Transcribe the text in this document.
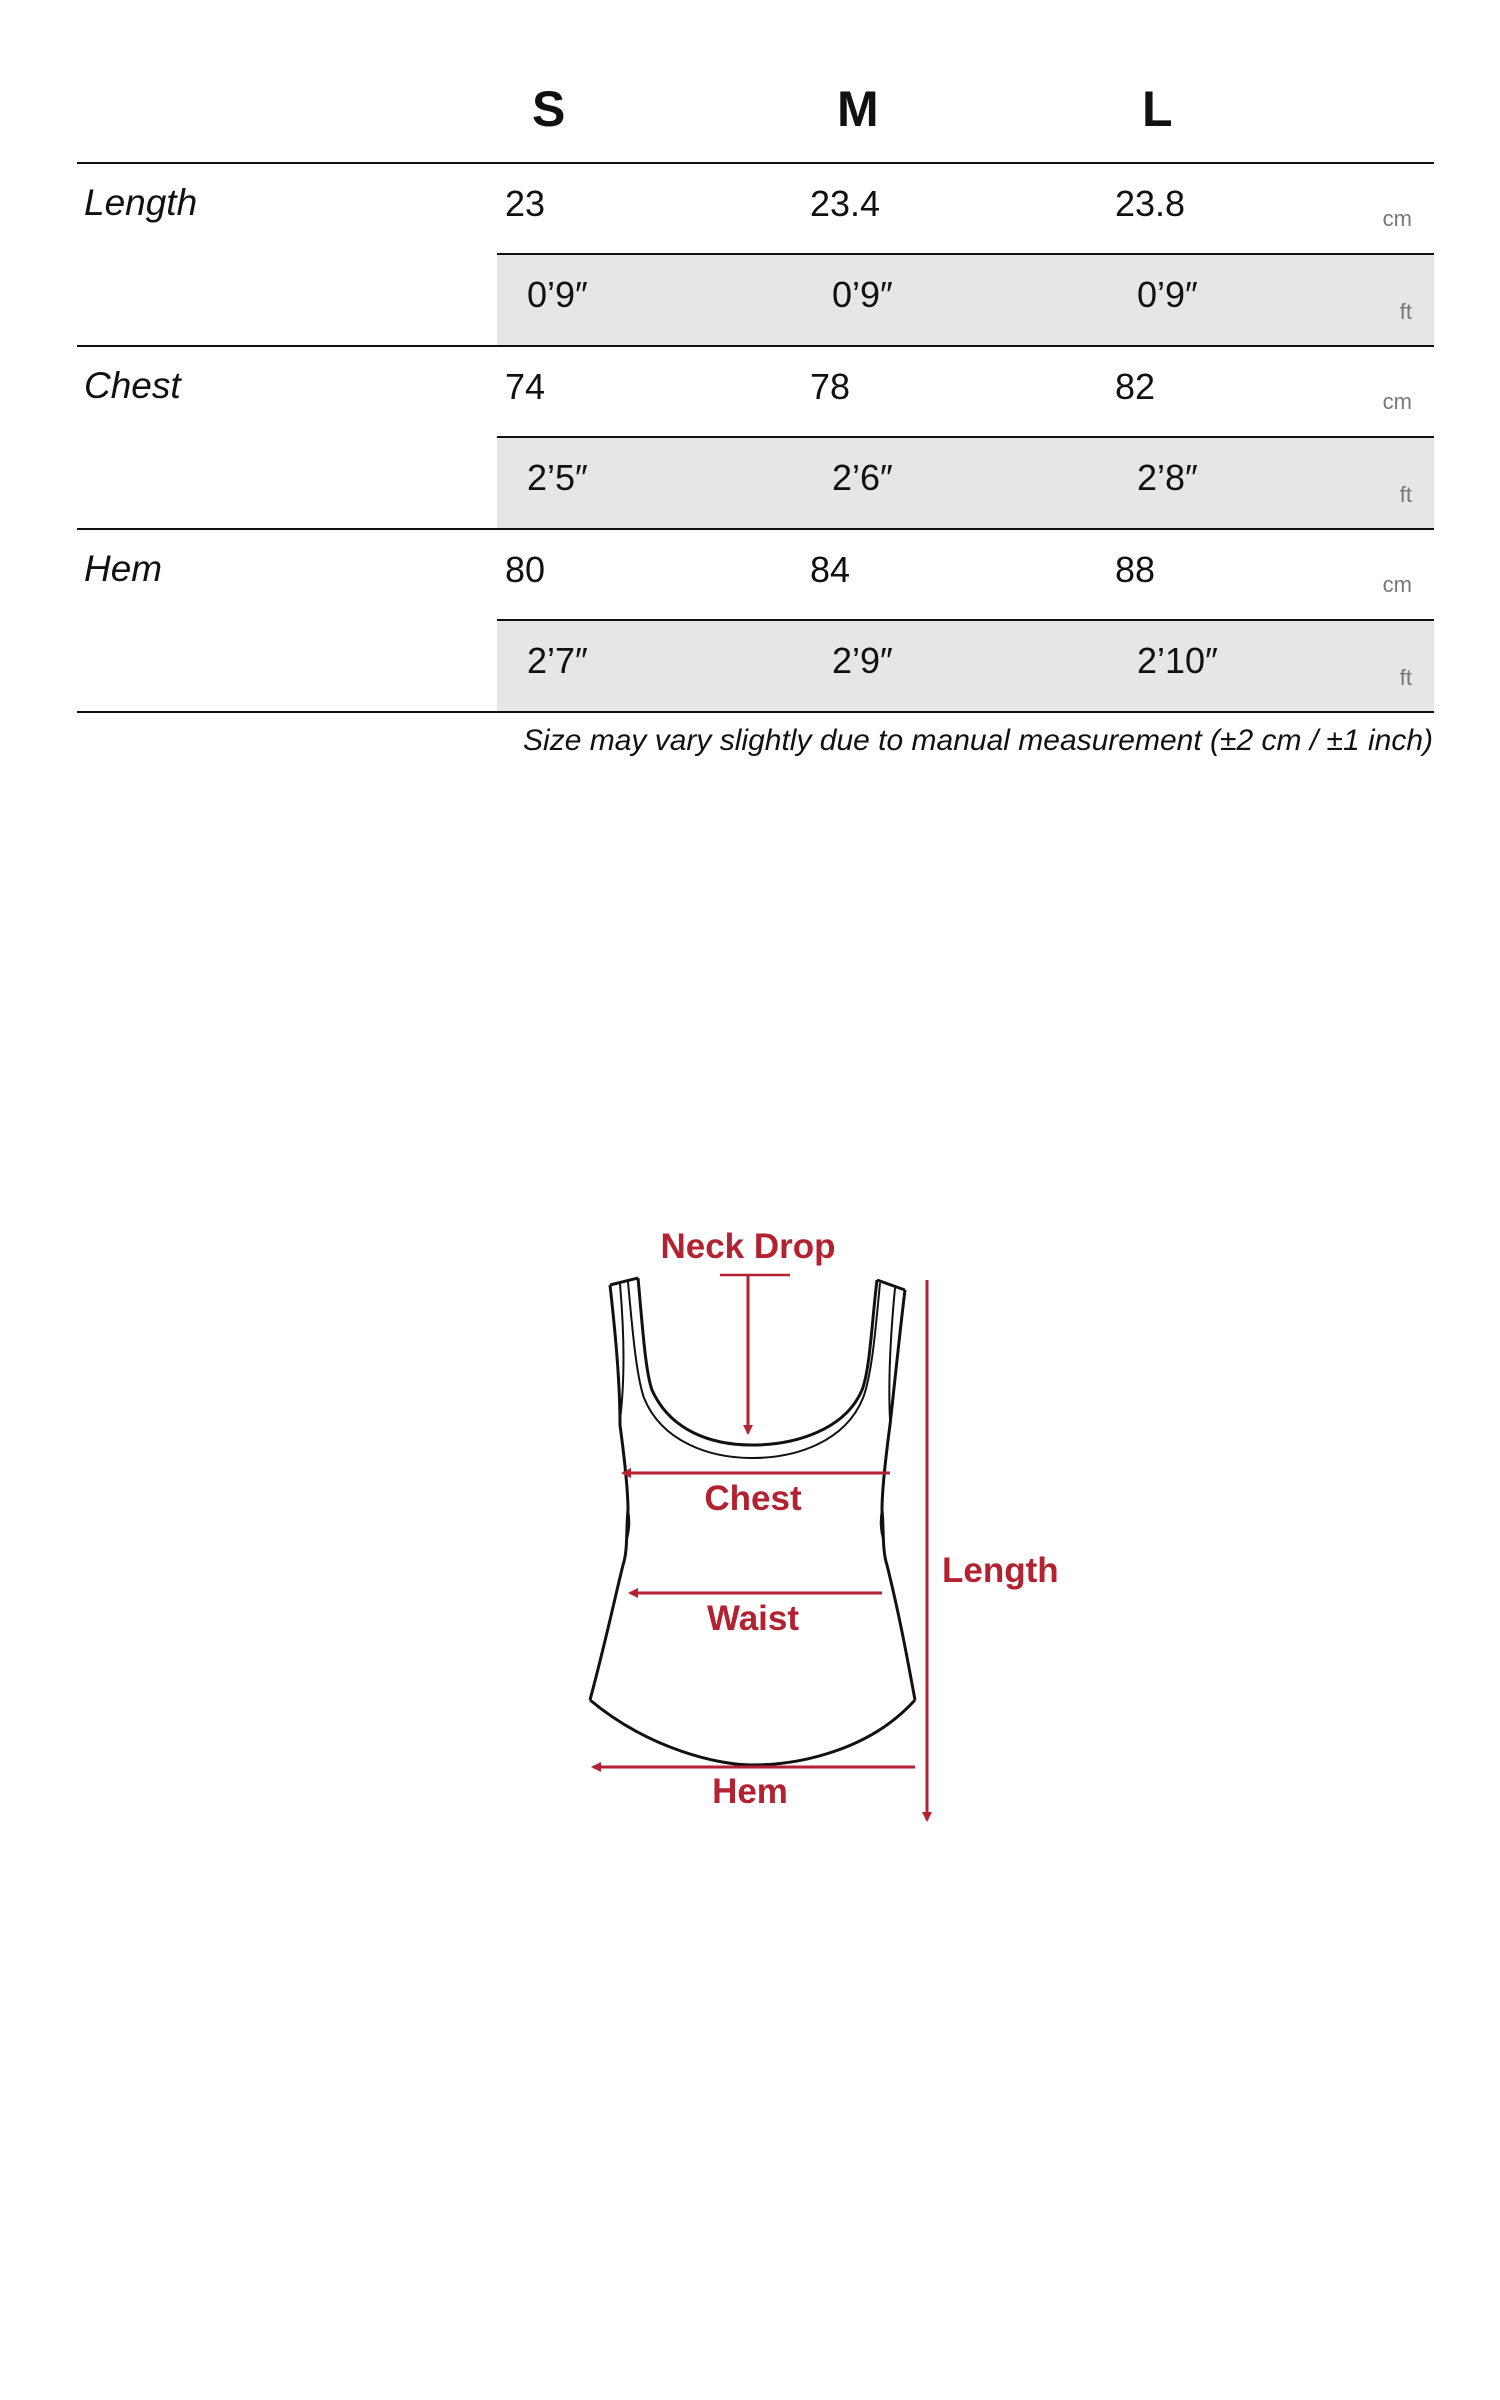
S	M	L
Length	23	23.4	23.8	cm
0’9″	0’9″	0’9″	ft
Chest	74	78	82	cm
2’5″	2’6″	2’8″	ft
Hem	80	84	88	cm
2’7″	2’9″	2’10″	ft
Size may vary slightly due to manual measurement (±2 cm / ±1 inch)
Neck Drop
Chest
Waist
Hem
Length
